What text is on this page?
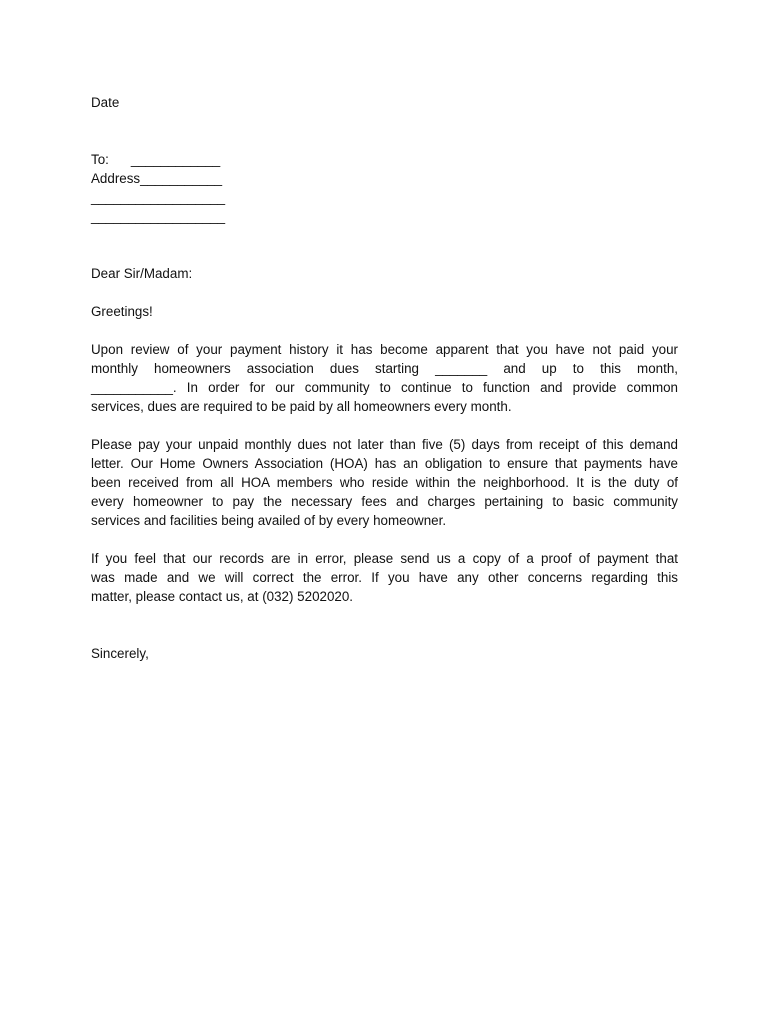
Date
To: ____________
Address___________
__________________
__________________
Dear Sir/Madam:
Greetings!
Upon review of your payment history it has become apparent that you have not paid your
monthly homeowners association dues starting _______ and up to this month,
___________. In order for our community to continue to function and provide common
services, dues are required to be paid by all homeowners every month.
Please pay your unpaid monthly dues not later than five (5) days from receipt of this demand
letter. Our Home Owners Association (HOA) has an obligation to ensure that payments have
been received from all HOA members who reside within the neighborhood. It is the duty of
every homeowner to pay the necessary fees and charges pertaining to basic community
services and facilities being availed of by every homeowner.
If you feel that our records are in error, please send us a copy of a proof of payment that
was made and we will correct the error. If you have any other concerns regarding this
matter, please contact us, at (032) 5202020.
Sincerely,
